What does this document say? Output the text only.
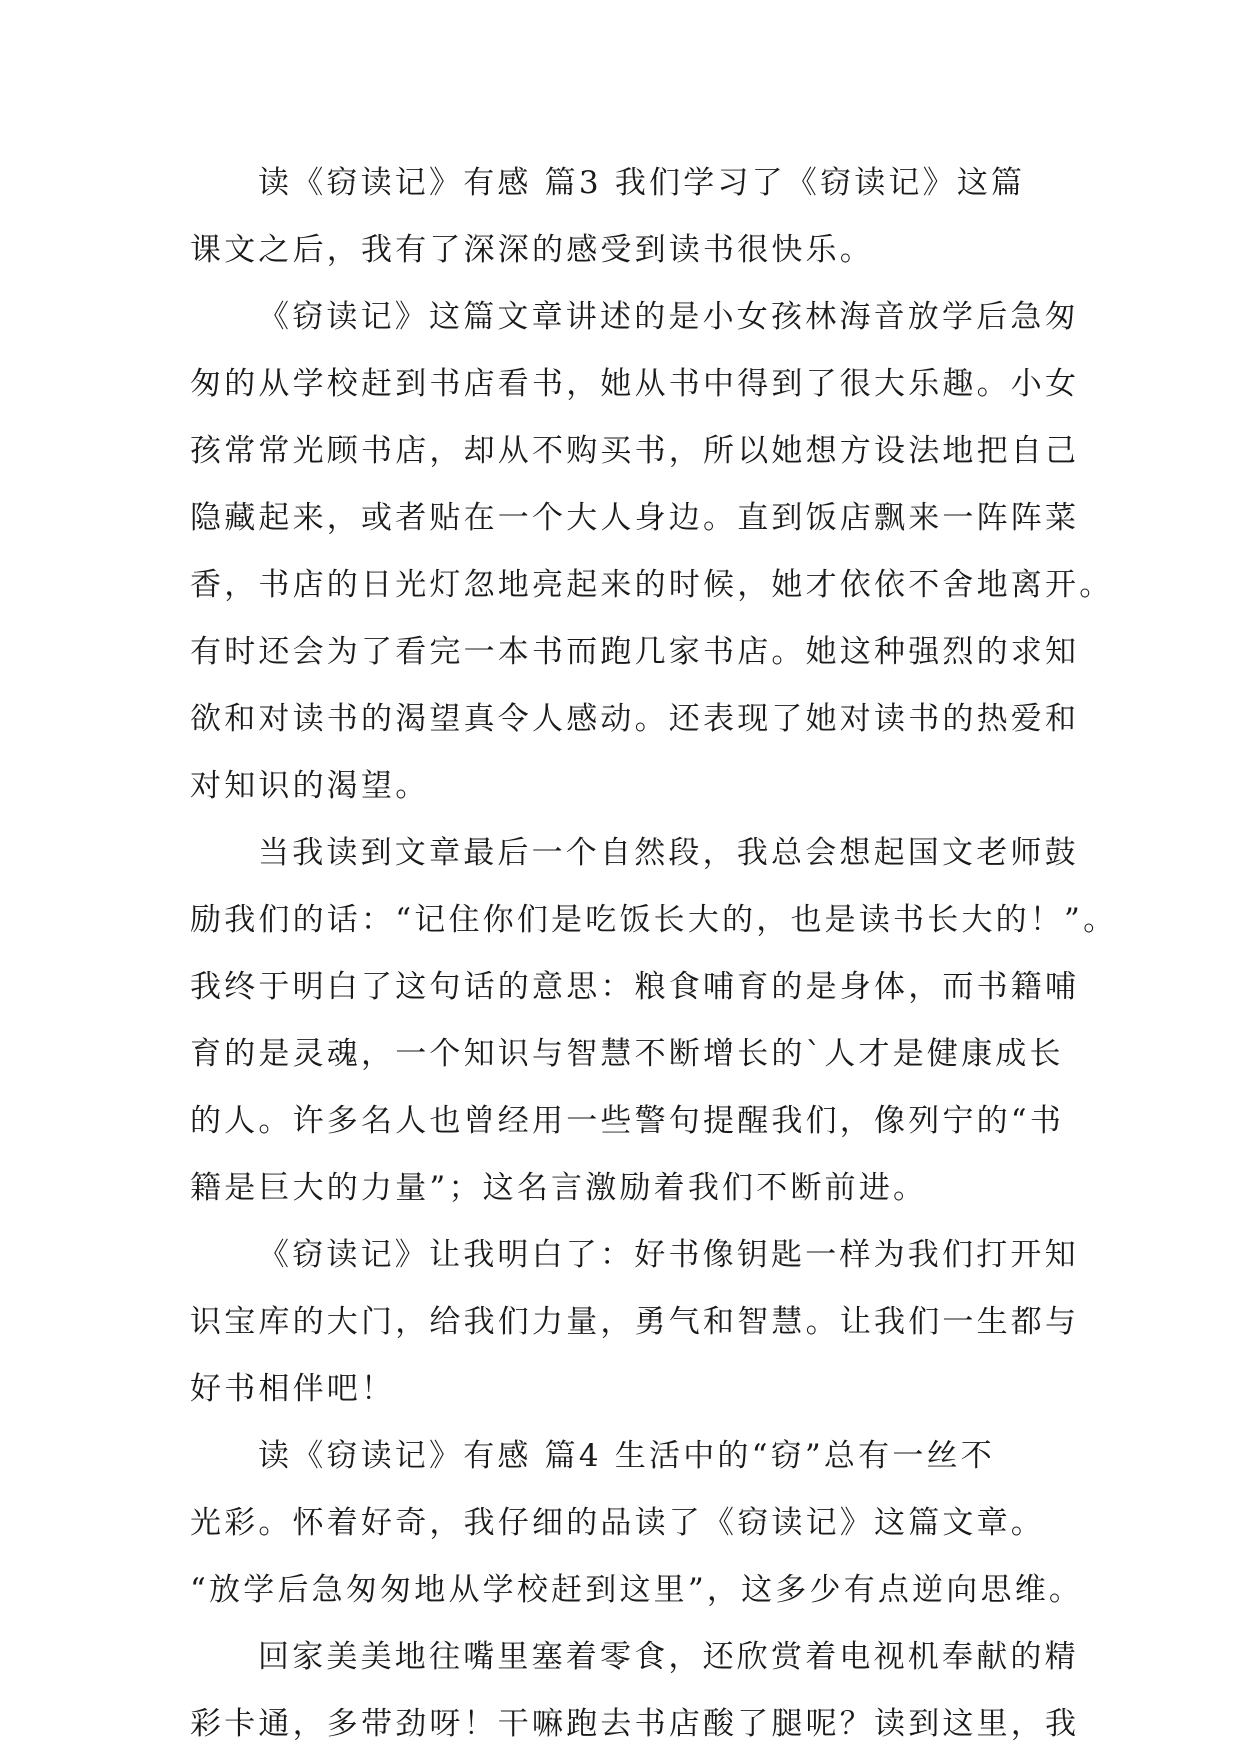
读《窃读记》有感 篇3 我们学习了《窃读记》这篇
课文之后，我有了深深的感受到读书很快乐。
《窃读记》这篇文章讲述的是小女孩林海音放学后急匆
匆的从学校赶到书店看书，她从书中得到了很大乐趣。小女
孩常常光顾书店，却从不购买书，所以她想方设法地把自己
隐藏起来，或者贴在一个大人身边。直到饭店飘来一阵阵菜
香，书店的日光灯忽地亮起来的时候，她才依依不舍地离开。
有时还会为了看完一本书而跑几家书店。她这种强烈的求知
欲和对读书的渴望真令人感动。还表现了她对读书的热爱和
对知识的渴望。
当我读到文章最后一个自然段，我总会想起国文老师鼓
励我们的话：“记住你们是吃饭长大的，也是读书长大的！”。
我终于明白了这句话的意思：粮食哺育的是身体，而书籍哺
育的是灵魂，一个知识与智慧不断增长的`人才是健康成长
的人。许多名人也曾经用一些警句提醒我们，像列宁的“书
籍是巨大的力量”；这名言激励着我们不断前进。
《窃读记》让我明白了：好书像钥匙一样为我们打开知
识宝库的大门，给我们力量，勇气和智慧。让我们一生都与
好书相伴吧！
读《窃读记》有感 篇4 生活中的“窃”总有一丝不
光彩。怀着好奇，我仔细的品读了《窃读记》这篇文章。
“放学后急匆匆地从学校赶到这里”，这多少有点逆向思维。
回家美美地往嘴里塞着零食，还欣赏着电视机奉献的精
彩卡通，多带劲呀！干嘛跑去书店酸了腿呢？读到这里，我
